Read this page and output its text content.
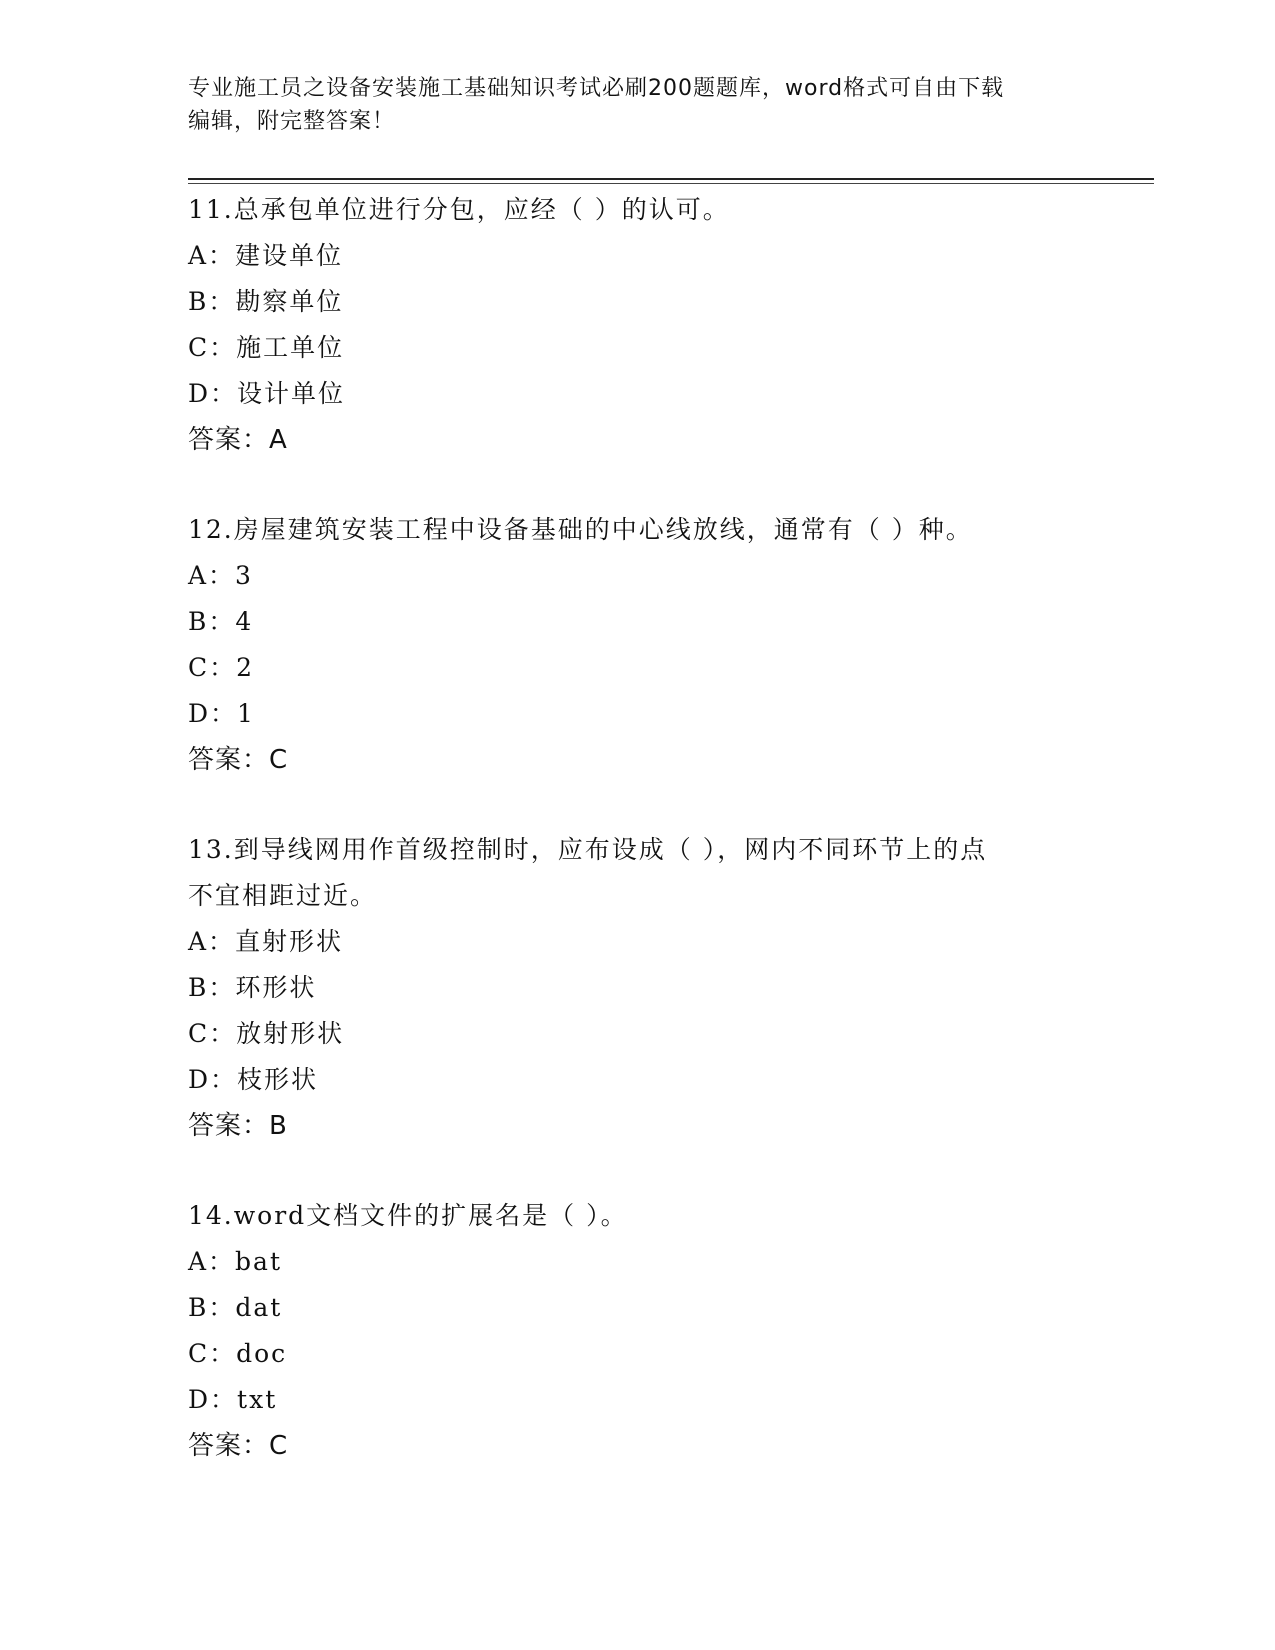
专业施工员之设备安装施工基础知识考试必刷200题题库，word格式可自由下载
编辑，附完整答案！
11.总承包单位进行分包，应经（ ）的认可。
A：建设单位
B：勘察单位
C：施工单位
D：设计单位
答案：A
12.房屋建筑安装工程中设备基础的中心线放线，通常有（ ）种。
A：3
B：4
C：2
D：1
答案：C
13.到导线网用作首级控制时，应布设成（ ），网内不同环节上的点
不宜相距过近。
A：直射形状
B：环形状
C：放射形状
D：枝形状
答案：B
14.word文档文件的扩展名是（ ）。
A：bat
B：dat
C：doc
D：txt
答案：C
